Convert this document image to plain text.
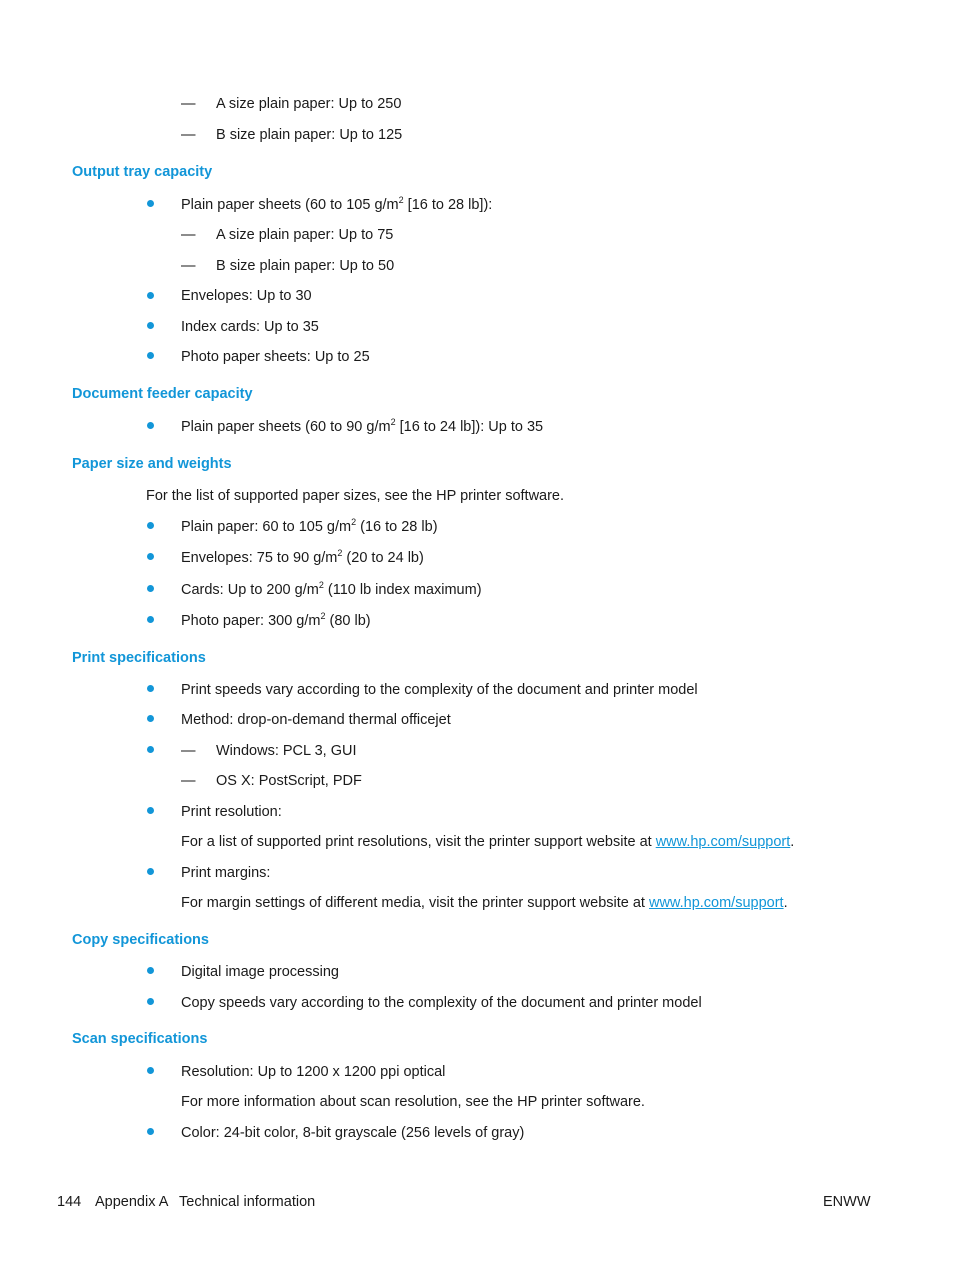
— A size plain paper: Up to 250
— B size plain paper: Up to 125
Output tray capacity
Plain paper sheets (60 to 105 $g/m^2$ [16 to 28 lb]):
— A size plain paper: Up to 75
— B size plain paper: Up to 50
Envelopes: Up to 30
Index cards: Up to 35
Photo paper sheets: Up to 25
Document feeder capacity
Plain paper sheets (60 to 90 $g/m^2$ [16 to 24 lb]): Up to 35
Paper size and weights
For the list of supported paper sizes, see the HP printer software.
Plain paper: 60 to 105 $g/m^2$ (16 to 28 lb)
Envelopes: 75 to 90 $g/m^2$ (20 to 24 lb)
Cards: Up to 200 $g/m^2$ (110 lb index maximum)
Photo paper: 300 $g/m^2$ (80 lb)
Print specifications
Print speeds vary according to the complexity of the document and printer model
Method: drop-on-demand thermal officejet
— Windows: PCL 3, GUI
— OS X: PostScript, PDF
Print resolution:
For a list of supported print resolutions, visit the printer support website at www.hp.com/support.
Print margins:
For margin settings of different media, visit the printer support website at www.hp.com/support.
Copy specifications
Digital image processing
Copy speeds vary according to the complexity of the document and printer model
Scan specifications
Resolution: Up to 1200 x 1200 ppi optical
For more information about scan resolution, see the HP printer software.
Color: 24-bit color, 8-bit grayscale (256 levels of gray)
144 Appendix A Technical information	ENWW
